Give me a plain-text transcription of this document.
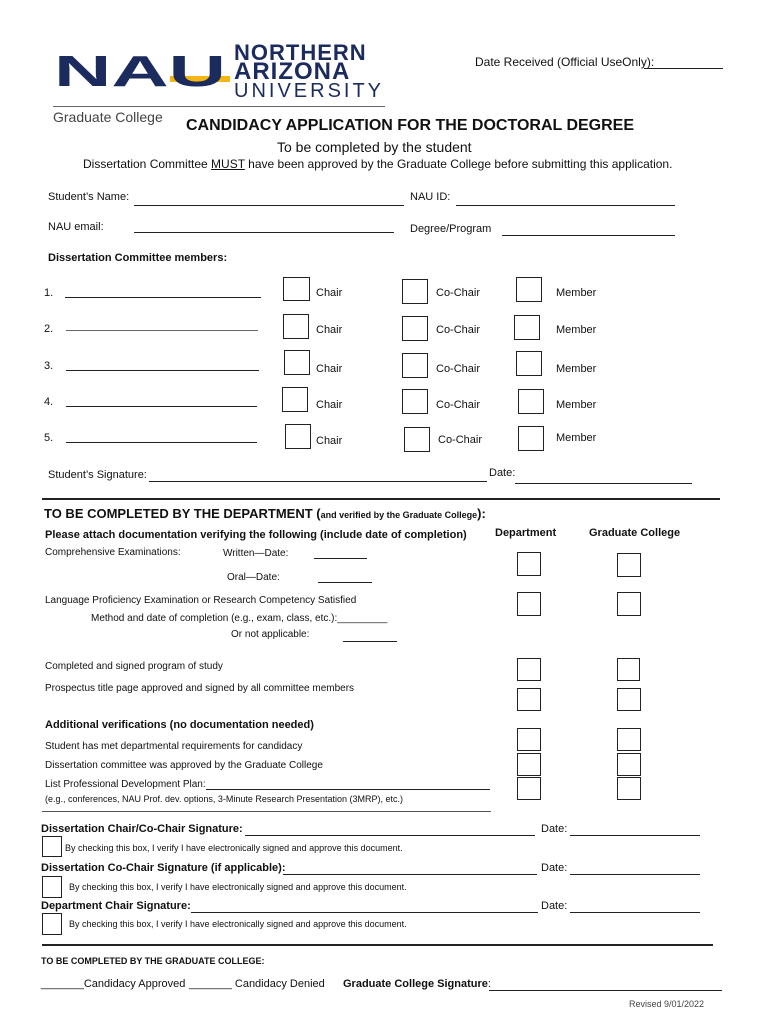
NAU NORTHERN
ARIZONA
UNIVERSITY
Graduate College
Date Received (Official UseOnly):
CANDIDACY APPLICATION FOR THE DOCTORAL DEGREE
To be completed by the student
Dissertation Committee MUST have been approved by the Graduate College before submitting this application.
Student’s Name:	NAU ID:
NAU email:	Degree/Program
Dissertation Committee members:
1.	Chair	Co-Chair	Member
2.	Chair	Co-Chair	Member
3.	Chair	Co-Chair	Member
4.	Chair	Co-Chair	Member
5.	Chair	Co-Chair	Member
Student’s Signature:	Date:
TO BE COMPLETED BY THE DEPARTMENT (and verified by the Graduate College):
Please attach documentation verifying the following (include date of completion)	Department	Graduate College
Comprehensive Examinations:	Written—Date:
Oral—Date:
Language Proficiency Examination or Research Competency Satisfied
Method and date of completion (e.g., exam, class, etc.):_________
Or not applicable:
Completed and signed program of study
Prospectus title page approved and signed by all committee members
Additional verifications (no documentation needed)
Student has met departmental requirements for candidacy
Dissertation committee was approved by the Graduate College
List Professional Development Plan:
(e.g., conferences, NAU Prof. dev. options, 3-Minute Research Presentation (3MRP), etc.)
Dissertation Chair/Co-Chair Signature:	Date:
By checking this box, I verify I have electronically signed and approve this document.
Dissertation Co-Chair Signature (if applicable):	Date:
By checking this box, I verify I have electronically signed and approve this document.
Department Chair Signature:	Date:
By checking this box, I verify I have electronically signed and approve this document.
TO BE COMPLETED BY THE GRADUATE COLLEGE:
_______Candidacy Approved _______ Candidacy Denied Graduate College Signature:
Revised 9/01/2022
